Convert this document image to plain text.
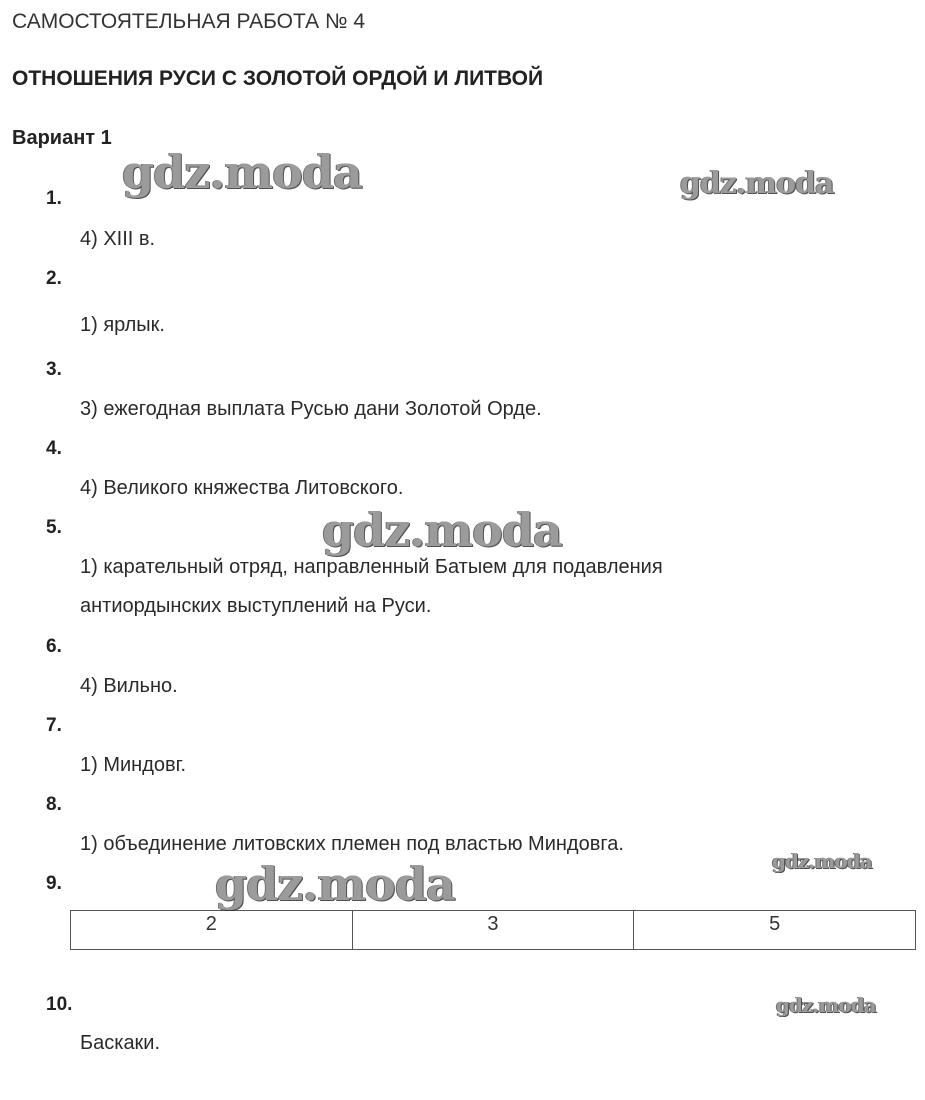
САМОСТОЯТЕЛЬНАЯ РАБОТА № 4
ОТНОШЕНИЯ РУСИ С ЗОЛОТОЙ ОРДОЙ И ЛИТВОЙ
Вариант 1
1.
4) XIII в.
2.
1) ярлык.
3.
3) ежегодная выплата Русью дани Золотой Орде.
4.
4) Великого княжества Литовского.
5.
1) карательный отряд, направленный Батыем для подавления антиордынских выступлений на Руси.
6.
4) Вильно.
7.
1) Миндовг.
8.
1) объединение литовских племен под властью Миндовга.
9.
2	3	5
10.
Баскаки.
gdz.moda	gdz.moda
gdz.moda
gdz.moda
gdz.moda
gdz.moda
